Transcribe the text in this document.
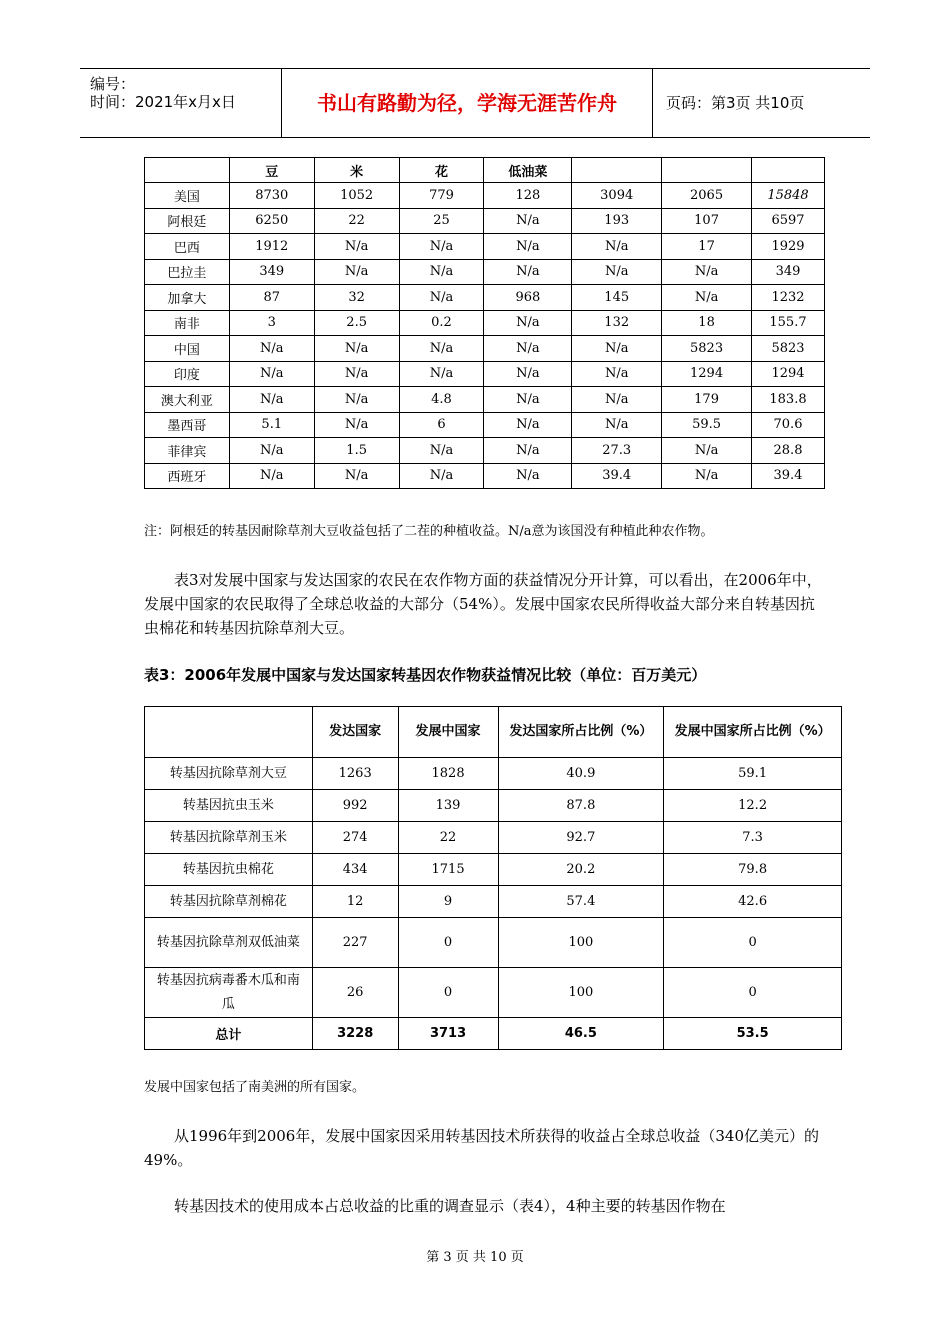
编号：
时间：2021年x月x日	书山有路勤为径，学海无涯苦作舟	页码：第3页 共10页
	豆	米	花	低油菜			
美国	8730	1052	779	128	3094	2065	15848
阿根廷	6250	22	25	N/a	193	107	6597
巴西	1912	N/a	N/a	N/a	N/a	17	1929
巴拉圭	349	N/a	N/a	N/a	N/a	N/a	349
加拿大	87	32	N/a	968	145	N/a	1232
南非	3	2.5	0.2	N/a	132	18	155.7
中国	N/a	N/a	N/a	N/a	N/a	5823	5823
印度	N/a	N/a	N/a	N/a	N/a	1294	1294
澳大利亚	N/a	N/a	4.8	N/a	N/a	179	183.8
墨西哥	5.1	N/a	6	N/a	N/a	59.5	70.6
菲律宾	N/a	1.5	N/a	N/a	27.3	N/a	28.8
西班牙	N/a	N/a	N/a	N/a	39.4	N/a	39.4
注：阿根廷的转基因耐除草剂大豆收益包括了二茬的种植收益。N/a意为该国没有种植此种农作物。
表3对发展中国家与发达国家的农民在农作物方面的获益情况分开计算，可以看出，在2006年中，发展中国家的农民取得了全球总收益的大部分（54%）。发展中国家农民所得收益大部分来自转基因抗虫棉花和转基因抗除草剂大豆。
表3：2006年发展中国家与发达国家转基因农作物获益情况比较（单位：百万美元）
	发达国家	发展中国家	发达国家所占比例（%）	发展中国家所占比例（%）
转基因抗除草剂大豆	1263	1828	40.9	59.1
转基因抗虫玉米	992	139	87.8	12.2
转基因抗除草剂玉米	274	22	92.7	7.3
转基因抗虫棉花	434	1715	20.2	79.8
转基因抗除草剂棉花	12	9	57.4	42.6
转基因抗除草剂双低油菜	227	0	100	0
转基因抗病毒番木瓜和南瓜	26	0	100	0
总计	3228	3713	46.5	53.5
发展中国家包括了南美洲的所有国家。
从1996年到2006年，发展中国家因采用转基因技术所获得的收益占全球总收益（340亿美元）的49%。
转基因技术的使用成本占总收益的比重的调查显示（表4），4种主要的转基因作物在
第 3 页 共 10 页
